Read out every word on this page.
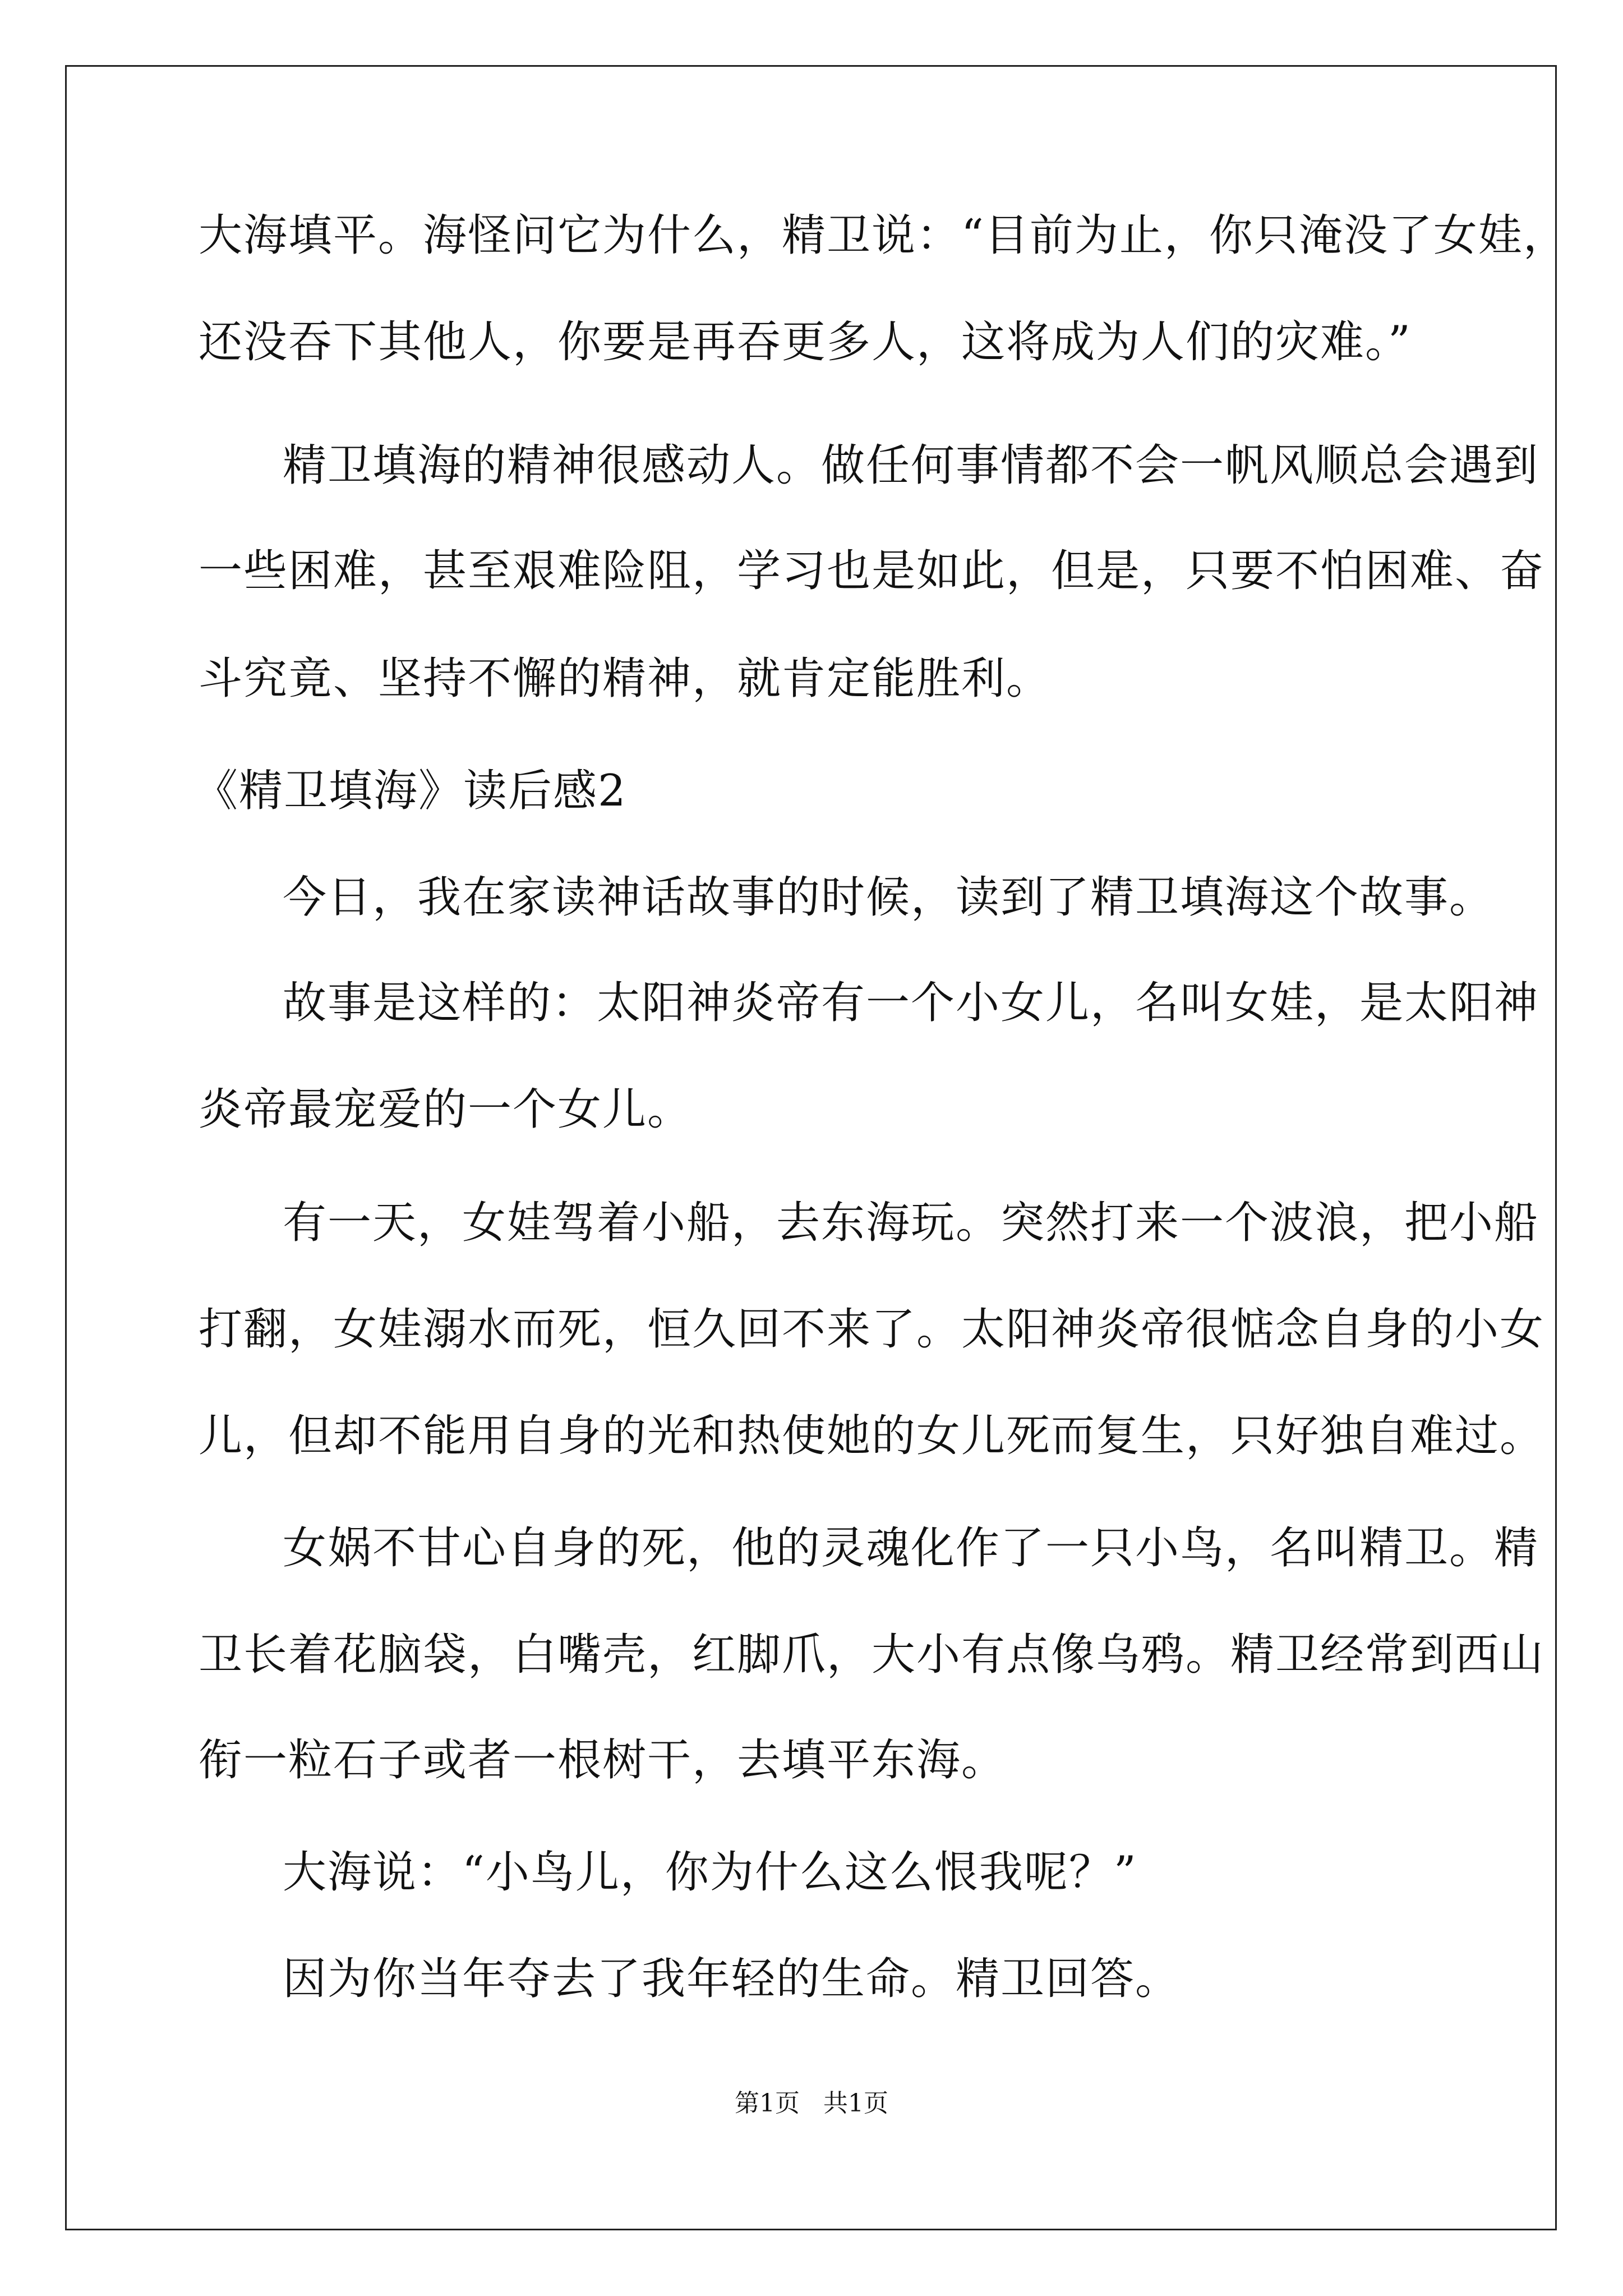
大海填平。海怪问它为什么，精卫说：“目前为止，你只淹没了女娃，
还没吞下其他人，你要是再吞更多人，这将成为人们的灾难。”
精卫填海的精神很感动人。做任何事情都不会一帆风顺总会遇到
一些困难，甚至艰难险阻，学习也是如此，但是，只要不怕困难、奋
斗究竟、坚持不懈的精神，就肯定能胜利。
《精卫填海》读后感2
今日，我在家读神话故事的时候，读到了精卫填海这个故事。
故事是这样的：太阳神炎帝有一个小女儿，名叫女娃，是太阳神
炎帝最宠爱的一个女儿。
有一天，女娃驾着小船，去东海玩。突然打来一个波浪，把小船
打翻，女娃溺水而死，恒久回不来了。太阳神炎帝很惦念自身的小女
儿，但却不能用自身的光和热使她的女儿死而复生，只好独自难过。
女娲不甘心自身的死，他的灵魂化作了一只小鸟，名叫精卫。精
卫长着花脑袋，白嘴壳，红脚爪，大小有点像乌鸦。精卫经常到西山
衔一粒石子或者一根树干，去填平东海。
大海说：“小鸟儿，你为什么这么恨我呢？”
因为你当年夺去了我年轻的生命。精卫回答。
第1页   共1页
